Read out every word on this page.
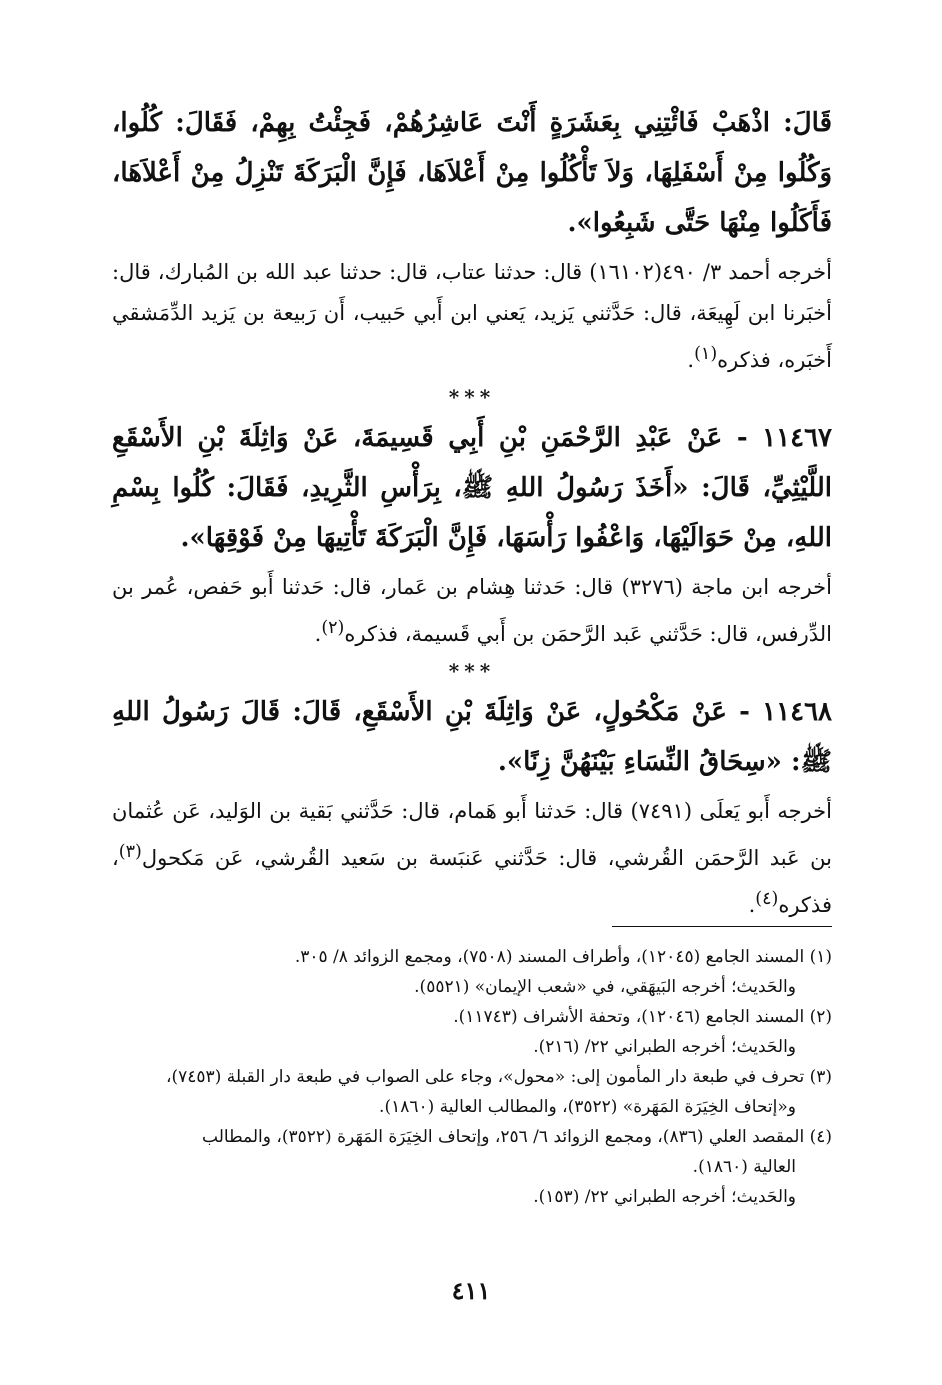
قَالَ: اذْهَبْ فَائْتِنِي بِعَشَرَةٍ أَنْتَ عَاشِرُهُمْ، فَجِئْتُ بِهِمْ، فَقَالَ: كُلُوا، وَكُلُوا مِنْ أَسْفَلِهَا، وَلاَ تَأْكُلُوا مِنْ أَعْلاَهَا، فَإِنَّ الْبَرَكَةَ تَنْزِلُ مِنْ أَعْلاَهَا، فَأَكَلُوا مِنْهَا حَتَّى شَبِعُوا».

أخرجه أحمد ٣/ ٤٩٠(١٦١٠٢) قال: حدثنا عتاب، قال: حدثنا عبد الله بن المُبارك، قال: أخبَرنا ابن لَهِيعَة، قال: حَدَّثني يَزيد، يَعني ابن أَبي حَبيب، أَن رَبيعة بن يَزيد الدِّمَشقي أَخبَره، فذكره$^{(١)}$.

***

١١٤٦٧ - عَنْ عَبْدِ الرَّحْمَنِ بْنِ أَبِي قَسِيمَةَ، عَنْ وَاثِلَةَ بْنِ الأَسْقَعِ اللَّيْثِيِّ، قَالَ: «أَخَذَ رَسُولُ اللهِ ﷺ، بِرَأْسِ الثَّرِيدِ، فَقَالَ: كُلُوا بِسْمِ اللهِ، مِنْ حَوَالَيْهَا، وَاعْفُوا رَأْسَهَا، فَإِنَّ الْبَرَكَةَ تَأْتِيهَا مِنْ فَوْقِهَا».

أخرجه ابن ماجة (٣٢٧٦) قال: حَدثنا هِشام بن عَمار، قال: حَدثنا أَبو حَفص، عُمر بن الدِّرفس، قال: حَدَّثني عَبد الرَّحمَن بن أَبي قَسيمة، فذكره$^{(٢)}$.

***

١١٤٦٨ - عَنْ مَكْحُولٍ، عَنْ وَاثِلَةَ بْنِ الأَسْقَعِ، قَالَ: قَالَ رَسُولُ اللهِ ﷺ: «سِحَاقُ النِّسَاءِ بَيْنَهُنَّ زِنًا».

أخرجه أَبو يَعلَى (٧٤٩١) قال: حَدثنا أَبو هَمام، قال: حَدَّثني بَقية بن الوَليد، عَن عُثمان بن عَبد الرَّحمَن القُرشي، قال: حَدَّثني عَنبَسة بن سَعيد القُرشي، عَن مَكحول$^{(٣)}$، فذكره$^{(٤)}$.

(١) المسند الجامع (١٢٠٤٥)، وأطراف المسند (٧٥٠٨)، ومجمع الزوائد ٨/ ٣٠٥.

والحَديث؛ أخرجه البَيهَقي، في «شعب الإيمان» (٥٥٢١).

(٢) المسند الجامع (١٢٠٤٦)، وتحفة الأشراف (١١٧٤٣).

والحَديث؛ أخرجه الطبراني ٢٢/ (٢١٦).

(٣) تحرف في طبعة دار المأمون إلى: «محول»، وجاء على الصواب في طبعة دار القبلة (٧٤٥٣)،

و«إتحاف الخِيَرَة المَهَرة» (٣٥٢٢)، والمطالب العالية (١٨٦٠).

(٤) المقصد العلي (٨٣٦)، ومجمع الزوائد ٦/ ٢٥٦، وإتحاف الخِيَرَة المَهَرة (٣٥٢٢)، والمطالب

العالية (١٨٦٠).

والحَديث؛ أخرجه الطبراني ٢٢/ (١٥٣).

٤١١
